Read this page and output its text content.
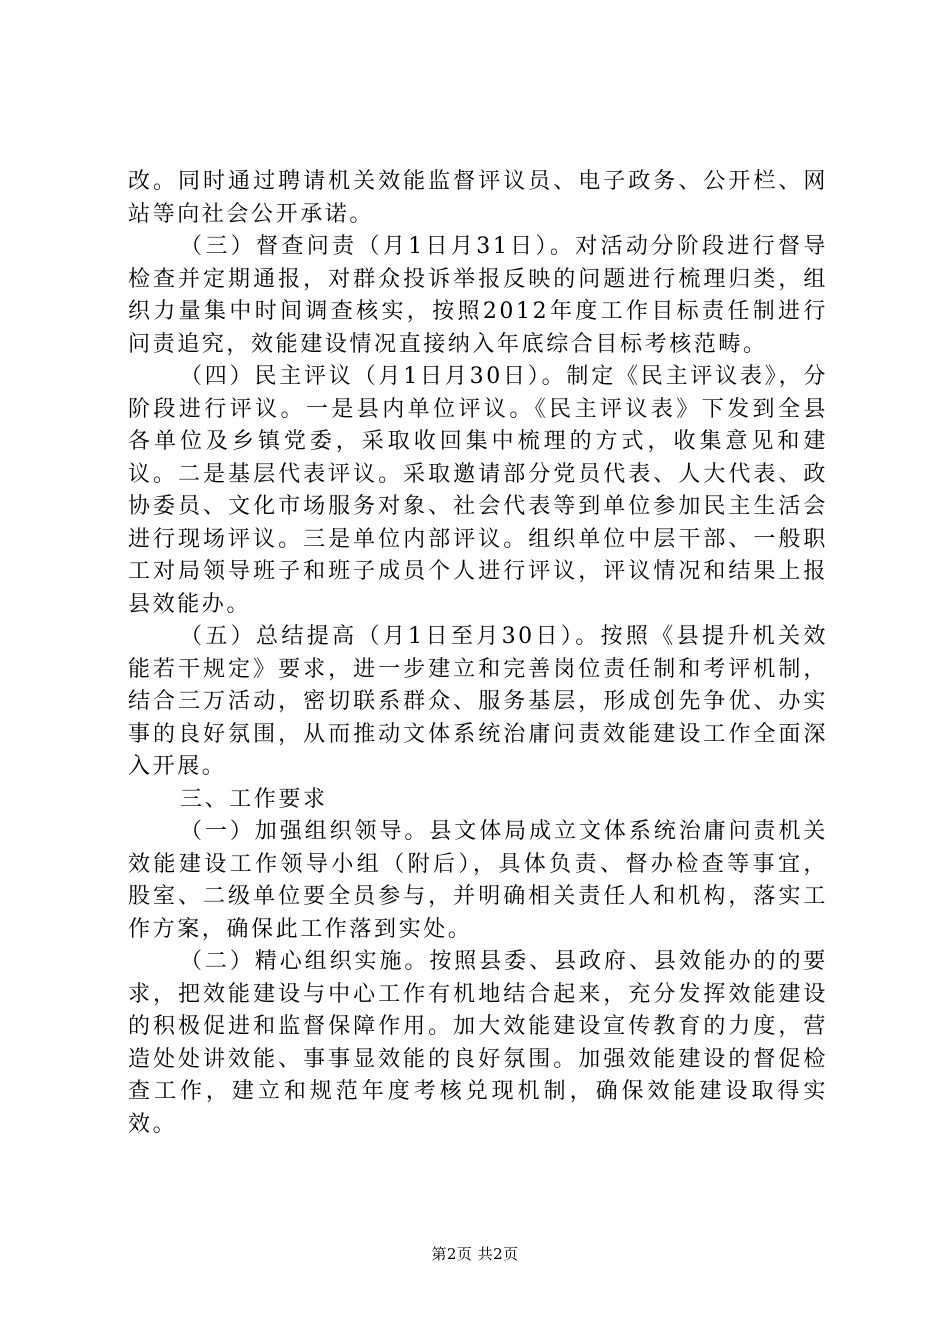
改。同时通过聘请机关效能监督评议员、电子政务、公开栏、网站等向社会公开承诺。

（三）督查问责（月1日月31日）。对活动分阶段进行督导检查并定期通报，对群众投诉举报反映的问题进行梳理归类，组织力量集中时间调查核实，按照2012年度工作目标责任制进行问责追究，效能建设情况直接纳入年底综合目标考核范畴。

（四）民主评议（月1日月30日）。制定《民主评议表》，分阶段进行评议。一是县内单位评议。《民主评议表》下发到全县各单位及乡镇党委，采取收回集中梳理的方式，收集意见和建议。二是基层代表评议。采取邀请部分党员代表、人大代表、政协委员、文化市场服务对象、社会代表等到单位参加民主生活会进行现场评议。三是单位内部评议。组织单位中层干部、一般职工对局领导班子和班子成员个人进行评议，评议情况和结果上报县效能办。

（五）总结提高（月1日至月30日）。按照《县提升机关效能若干规定》要求，进一步建立和完善岗位责任制和考评机制，结合三万活动，密切联系群众、服务基层，形成创先争优、办实事的良好氛围，从而推动文体系统治庸问责效能建设工作全面深入开展。

三、工作要求

（一）加强组织领导。县文体局成立文体系统治庸问责机关效能建设工作领导小组（附后），具体负责、督办检查等事宜，股室、二级单位要全员参与，并明确相关责任人和机构，落实工作方案，确保此工作落到实处。

（二）精心组织实施。按照县委、县政府、县效能办的的要求，把效能建设与中心工作有机地结合起来，充分发挥效能建设的积极促进和监督保障作用。加大效能建设宣传教育的力度，营造处处讲效能、事事显效能的良好氛围。加强效能建设的督促检查工作，建立和规范年度考核兑现机制，确保效能建设取得实效。

第2页 共2页
